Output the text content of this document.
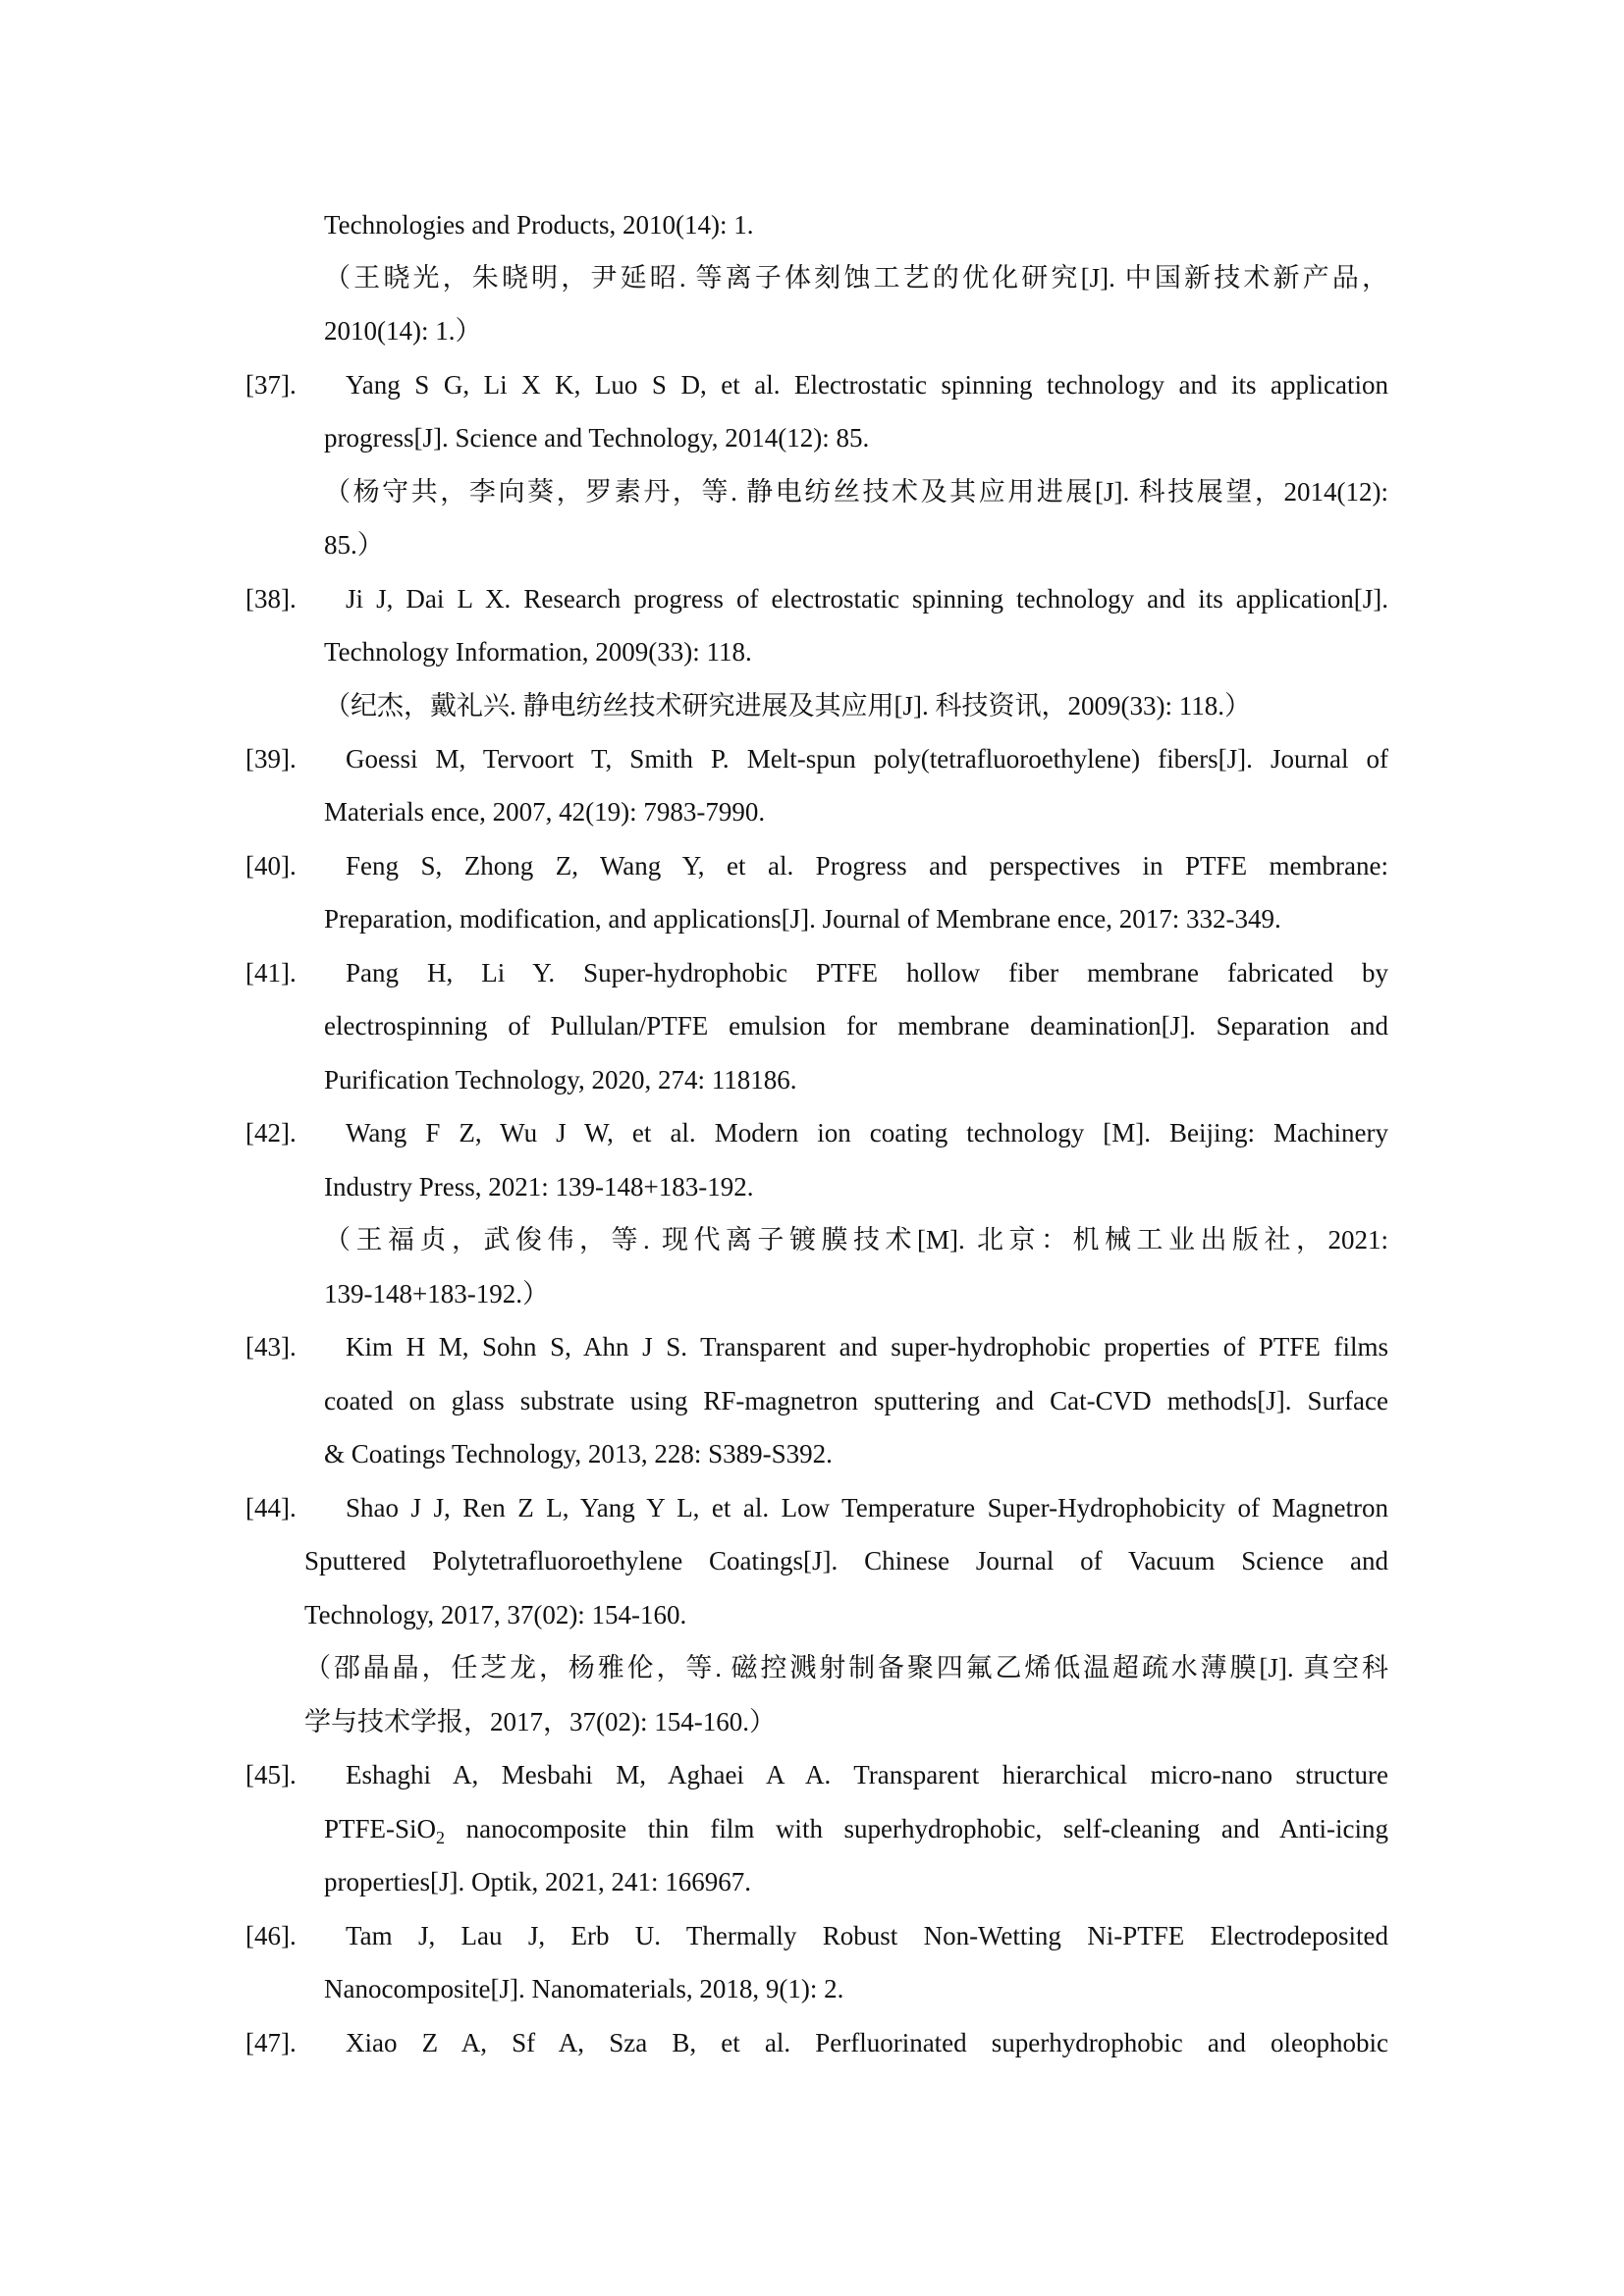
Technologies and Products, 2010(14): 1.
（王晓光，朱晓明，尹延昭. 等离子体刻蚀工艺的优化研究[J]. 中国新技术新产品，
2010(14): 1.）
[37]. Yang S G, Li X K, Luo S D, et al. Electrostatic spinning technology and its application
progress[J]. Science and Technology, 2014(12): 85.
（杨守共，李向葵，罗素丹，等. 静电纺丝技术及其应用进展[J]. 科技展望，2014(12):
85.）
[38]. Ji J, Dai L X. Research progress of electrostatic spinning technology and its application[J].
Technology Information, 2009(33): 118.
（纪杰，戴礼兴. 静电纺丝技术研究进展及其应用[J]. 科技资讯，2009(33): 118.）
[39]. Goessi M, Tervoort T, Smith P. Melt-spun poly(tetrafluoroethylene) fibers[J]. Journal of
Materials ence, 2007, 42(19): 7983-7990.
[40]. Feng S, Zhong Z, Wang Y, et al. Progress and perspectives in PTFE membrane:
Preparation, modification, and applications[J]. Journal of Membrane ence, 2017: 332-349.
[41]. Pang H, Li Y. Super-hydrophobic PTFE hollow fiber membrane fabricated by
electrospinning of Pullulan/PTFE emulsion for membrane deamination[J]. Separation and
Purification Technology, 2020, 274: 118186.
[42]. Wang F Z, Wu J W, et al. Modern ion coating technology [M]. Beijing: Machinery
Industry Press, 2021: 139-148+183-192.
（王福贞，武俊伟，等. 现代离子镀膜技术[M]. 北京：机械工业出版社，2021:
139-148+183-192.）
[43]. Kim H M, Sohn S, Ahn J S. Transparent and super-hydrophobic properties of PTFE films
coated on glass substrate using RF-magnetron sputtering and Cat-CVD methods[J]. Surface
& Coatings Technology, 2013, 228: S389-S392.
[44]. Shao J J, Ren Z L, Yang Y L, et al. Low Temperature Super-Hydrophobicity of Magnetron
Sputtered Polytetrafluoroethylene Coatings[J]. Chinese Journal of Vacuum Science and
Technology, 2017, 37(02): 154-160.
（邵晶晶，任芝龙，杨雅伦，等. 磁控溅射制备聚四氟乙烯低温超疏水薄膜[J]. 真空科
学与技术学报，2017，37(02): 154-160.）
[45]. Eshaghi A, Mesbahi M, Aghaei A A. Transparent hierarchical micro-nano structure
PTFE-SiO$_2$ nanocomposite thin film with superhydrophobic, self-cleaning and Anti-icing
properties[J]. Optik, 2021, 241: 166967.
[46]. Tam J, Lau J, Erb U. Thermally Robust Non-Wetting Ni-PTFE Electrodeposited
Nanocomposite[J]. Nanomaterials, 2018, 9(1): 2.
[47]. Xiao Z A, Sf A, Sza B, et al. Perfluorinated superhydrophobic and oleophobic
